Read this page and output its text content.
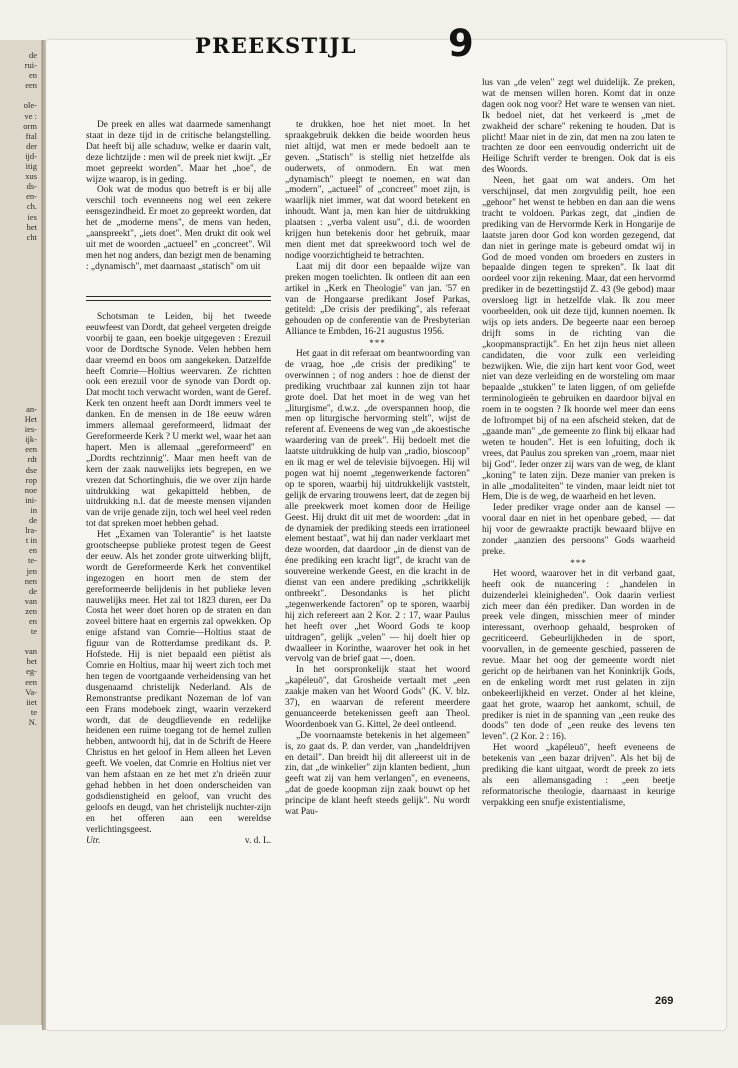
de
rui-
en
een

ole-
ve :
orm
ftal
der
ijd-
itig
xus
ds-
en-
ch.
ies
het
cht

an-
Het
ies-
ijk-
een
rdt
dse
rop
noe
ini-
in
de
lra-
t in
en
te-
jen
nen
de
van
zen
en
te

van
het
eg-
een
Va-
iiet
te
N.
PREEKSTIJL 9

De preek en alles wat daarmede samenhangt staat in deze tijd in de critische belangstelling. Dat heeft bij alle schaduw, welke er daarin valt, deze lichtzijde : men wil de preek niet kwijt. „Er moet gepreekt worden". Maar het „hoe", de wijze waarop, is in geding.

Ook wat de modus quo betreft is er bij alle verschil toch evenneens nog wel een zekere eensgezindheid. Er moet zo gepreekt worden, dat het de „moderne mens", de mens van heden, „aanspreekt", „iets doet". Men drukt dit ook wel uit met de woorden „actueel" en „concreet". Wil men het nog anders, dan bezigt men de benaming : „dynamisch", met daarnaast „statisch" om uit

Schotsman te Leiden, bij het tweede eeuwfeest van Dordt, dat geheel vergeten dreigde voorbij te gaan, een boekje uitgegeven : Erezuil voor de Dordtsche Synode. Velen hebben hem daar vreemd en boos om aangekeken. Datzelfde heeft Comrie—Holtius weervaren. Ze richtten ook een erezuil voor de synode van Dordt op. Dat mocht toch verwacht worden, want de Geref. Kerk ten onzent heeft aan Dordt immers veel te danken. En de mensen in de 18e eeuw wáren immers allemaal gereformeerd, lidmaat der Gereformeerde Kerk ? U merkt wel, waar het aan hapert. Men is allemaal „gereformeerd" en „Dordts rechtzinnig". Maar men heeft van de kern der zaak nauwelijks iets begrepen, en we vrezen dat Schortinghuis, die we over zijn harde uitdrukking wat gekapitteld hebben, de uitdrukking n.l. dat de meeste mensen vijanden van de vrije genade zijn, toch wel heel veel reden tot dat spreken moet hebben gehad.

Het „Examen van Tolerantie" is het laatste grootscheepse publieke protest tegen de Geest der eeuw. Als het zonder grote uitwerking blijft, wordt de Gereformeerde Kerk het conventikel ingezogen en hoort men de stem der gereformeerde belijdenis in het publieke leven nauwelijks meer. Het zal tot 1823 duren, eer Da Costa het weer doet horen op de straten en dan zoveel bittere haat en ergernis zal opwekken. Op enige afstand van Comrie—Holtius staat de figuur van de Rotterdamse predikant ds. P. Hofstede. Hij is niet bepaald een piëtist als Comrie en Holtius, maar hij weert zich toch met hen tegen de voortgaande verheidensing van het dusgenaamd christelijk Nederland. Als de Remonstrantse predikant Nozeman de lof van een Frans modeboek zingt, waarin verzekerd wordt, dat de deugdlievende en redelijke heidenen een ruime toegang tot de hemel zullen hebben, antwoordt hij, dat in de Schrift de Heere Christus en het geloof in Hem alleen het Leven geeft. We voelen, dat Comrie en Holtius niet ver van hem afstaan en ze het met z'n drieën zuur gehad hebben in het doen onderscheiden van godsdienstigheid en geloof, van vrucht des geloofs en deugd, van het christelijk nuchter-zijn en het offeren aan een wereldse verlichtingsgeest.

Utr.	v. d. L.

te drukken, hoe het niet moet. In het spraakgebruik dekken die beide woorden heus niet altijd, wat men er mede bedoelt aan te geven. „Statisch" is stellig niet hetzelfde als ouderwets, of onmodern. En wat men „dynamisch" pleegt te noemen, en wat dan „modern", „actueel" of „concreet" moet zijn, is waarlijk niet immer, wat dat woord betekent en inhoudt. Want ja, men kan hier de uitdrukking plaatsen : „verba valent usu", d.i. de woorden krijgen hun betekenis door het gebruik, maar men dient met dat spreekwoord toch wel de nodige voorzichtigheid te betrachten.

Laat mij dit door een bepaalde wijze van preken mogen toelichten. Ik ontleen dit aan een artikel in „Kerk en Theologie" van jan. '57 en van de Hongaarse predikant Josef Parkas, getiteld: „De crisis der prediking", als referaat gehouden op de conferentie van de Presbyterian Alliance te Embden, 16-21 augustus 1956.

***

Het gaat in dit referaat om beantwoording van de vraag, hoe „de crisis der prediking" te overwinnen ; of nog anders : hoe de dienst der prediking vruchtbaar zal kunnen zijn tot haar grote doel. Dat het moet in de weg van het „liturgisme", d.w.z. „de overspannen hoop, die men op liturgische hervorming stelt", wijst de referent af. Eveneens de weg van „de akoestische waardering van de preek". Hij bedoelt met die laatste uitdrukking de hulp van „radio, bioscoop" en ik mag er wel de televisie bijvoegen. Hij wil pogen wat hij noemt „tegenwerkende factoren" op te sporen, waarbij hij uitdrukkelijk vaststelt, gelijk de ervaring trouwens leert, dat de zegen bij alle preekwerk moet komen door de Heilige Geest. Hij drukt dit uit met de woorden: „dat in de dynamiek der prediking steeds een irrationeel element bestaat", wat hij dan nader verklaart met deze woorden, dat daardoor „in de dienst van de éne prediking een kracht ligt", de kracht van de souvereine werkende Geest, en die kracht in de dienst van een andere prediking „schrikkelijk ontbreekt". Desondanks is het plicht „tegenwerkende factoren" op te sporen, waarbij hij zich refereert aan 2 Kor. 2 : 17, waar Paulus het heeft over „het Woord Gods te koop uitdragen", gelijk „velen" — hij doelt hier op dwaalleer in Korinthe, waarover het ook in het vervolg van de brief gaat —, doen.

In het oorspronkelijk staat het woord „kapéleuō", dat Grosheide vertaalt met „een zaakje maken van het Woord Gods" (K. V. blz. 37), en waarvan de referent meerdere genuanceerde betekenissen geeft aan Theol. Woordenboek van G. Kittel, 2e deel ontleend.

„De voornaamste betekenis in het algemeen" is, zo gaat ds. P. dan verder, van „handeldrijven en detail". Dan breidt hij dit allereerst uit in de zin, dat „de winkelier" zijn klanten bedient, „hun geeft wat zij van hem verlangen", en eveneens, „dat de goede koopman zijn zaak bouwt op het principe de klant heeft steeds gelijk". Nu wordt wat Pau-

lus van „de velen" zegt wel duidelijk. Ze preken, wat de mensen willen horen. Komt dat in onze dagen ook nog voor? Het ware te wensen van niet. Ik bedoel niet, dat het verkeerd is „met de zwakheid der schare" rekening te houden. Dat is plicht! Maar niet in de zin, dat men na zou laten te trachten ze door een eenvoudig onderricht uit de Heilige Schrift verder te brengen. Ook dat is eis des Woords.

Neen, het gaat om wat anders. Om het verschijnsel, dat men zorgvuldig peilt, hoe een „gehoor" het wenst te hebben en dan aan die wens tracht te voldoen. Parkas zegt, dat „indien de prediking van de Hervormde Kerk in Hongarije de laatste jaren door God kon worden gezegend, dat dan niet in geringe mate is gebeurd omdat wij in God de moed vonden om broeders en zusters in bepaalde dingen tegen te spreken". Ik laat dit oordeel voor zijn rekening. Maar, dat een hervormd prediker in de bezettingstijd Z. 43 (9e gebod) maar oversloeg ligt in hetzelfde vlak. Ik zou meer voorbeelden, ook uit deze tijd, kunnen noemen. Ik wijs op iets anders. De begeerte naar een beroep drijft soms in de richting van die „koopmanspractijk". En het zijn heus niet alleen candidaten, die voor zulk een verleiding bezwijken. Wie, die zijn hart kent voor God, weet niet van deze verleiding en de worsteling om maar bepaalde „stukken" te laten liggen, of om geliefde terminologieën te gebruiken en daardoor bijval en roem in te oogsten ? Ik hoorde wel meer dan eens de loftrompet bij of na een afscheid steken, dat de „gaande man" „de gemeente zo flink bij elkaar had weten te houden". Het is een lofuiting, doch ik vrees, dat Paulus zou spreken van „roem, maar niet bij God". Ieder onzer zij wars van de weg, de klant „koning" te laten zijn. Deze manier van preken is in alle „modaliteiten" te vinden, maar leidt niet tot Hem, Die is de weg, de waarheid en het leven.

Ieder prediker vrage onder aan de kansel — vooral daar en niet in het openbare gebed, — dat hij voor de gewraakte practijk bewaard blijve en zonder „aanzien des persoons" Gods waarheid preke.

***

Het woord, waarover het in dit verband gaat, heeft ook de nuancering : „handelen in duizenderlei kleinigheden". Ook daarin verliest zich meer dan één prediker. Dan worden in de preek vele dingen, misschien meer of minder interessant, overhoop gehaald, besproken of gecriticeerd. Gebeurlijkheden in de sport, voorvallen, in de gemeente geschied, passeren de revue. Maar het oog der gemeente wordt niet gericht op de heirbanen van het Koninkrijk Gods, en de enkeling wordt met rust gelaten in zijn onbekeerlijkheid en verzet. Onder al het kleine, gaat het grote, waarop het aankomt, schuil, de prediker is niet in de spanning van „een reuke des doods" ten dode of „een reuke des levens ten leven". (2 Kor. 2 : 16).

Het woord „kapéleuō", heeft eveneens de betekenis van „een bazar drijven". Als het bij de prediking die kant uitgaat, wordt de preek zo iets als een allemansgading : „een beetje reformatorische theologie, daarnaast in keurige verpakking een snufje existentialisme,

269
